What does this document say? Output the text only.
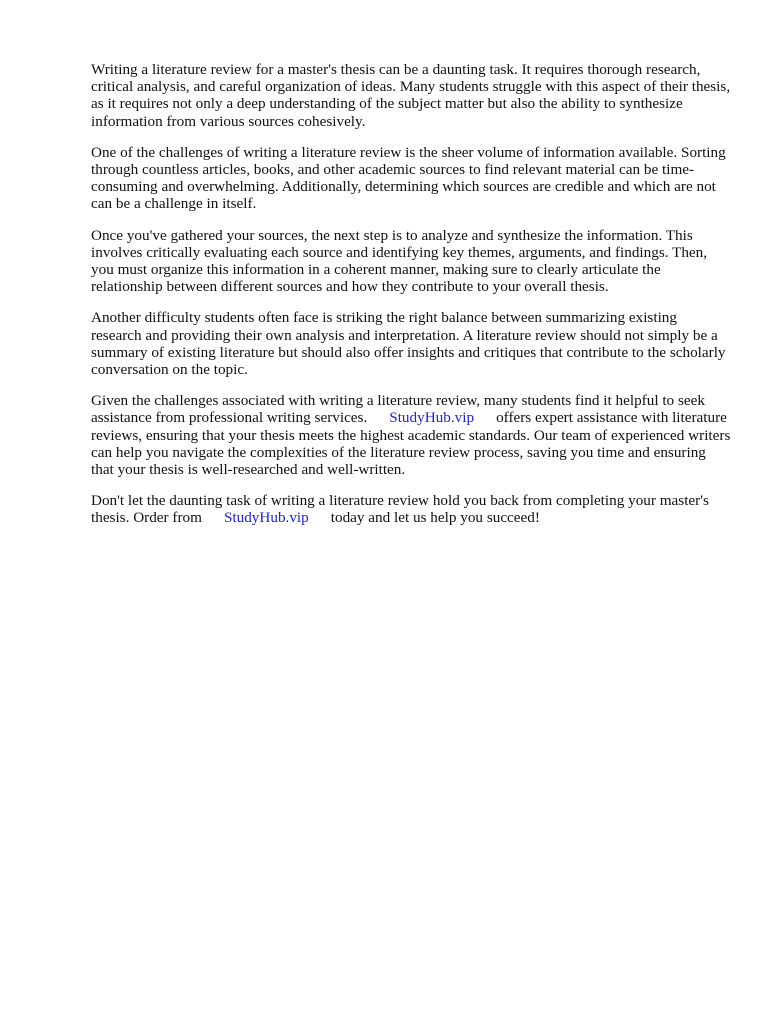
Writing a literature review for a master's thesis can be a daunting task. It requires thorough research, critical analysis, and careful organization of ideas. Many students struggle with this aspect of their thesis, as it requires not only a deep understanding of the subject matter but also the ability to synthesize information from various sources cohesively.

One of the challenges of writing a literature review is the sheer volume of information available. Sorting through countless articles, books, and other academic sources to find relevant material can be time-consuming and overwhelming. Additionally, determining which sources are credible and which are not can be a challenge in itself.

Once you've gathered your sources, the next step is to analyze and synthesize the information. This involves critically evaluating each source and identifying key themes, arguments, and findings. Then, you must organize this information in a coherent manner, making sure to clearly articulate the relationship between different sources and how they contribute to your overall thesis.

Another difficulty students often face is striking the right balance between summarizing existing research and providing their own analysis and interpretation. A literature review should not simply be a summary of existing literature but should also offer insights and critiques that contribute to the scholarly conversation on the topic.

Given the challenges associated with writing a literature review, many students find it helpful to seek assistance from professional writing services. StudyHub.vip offers expert assistance with literature reviews, ensuring that your thesis meets the highest academic standards. Our team of experienced writers can help you navigate the complexities of the literature review process, saving you time and ensuring that your thesis is well-researched and well-written.

Don't let the daunting task of writing a literature review hold you back from completing your master's thesis. Order from StudyHub.vip today and let us help you succeed!
